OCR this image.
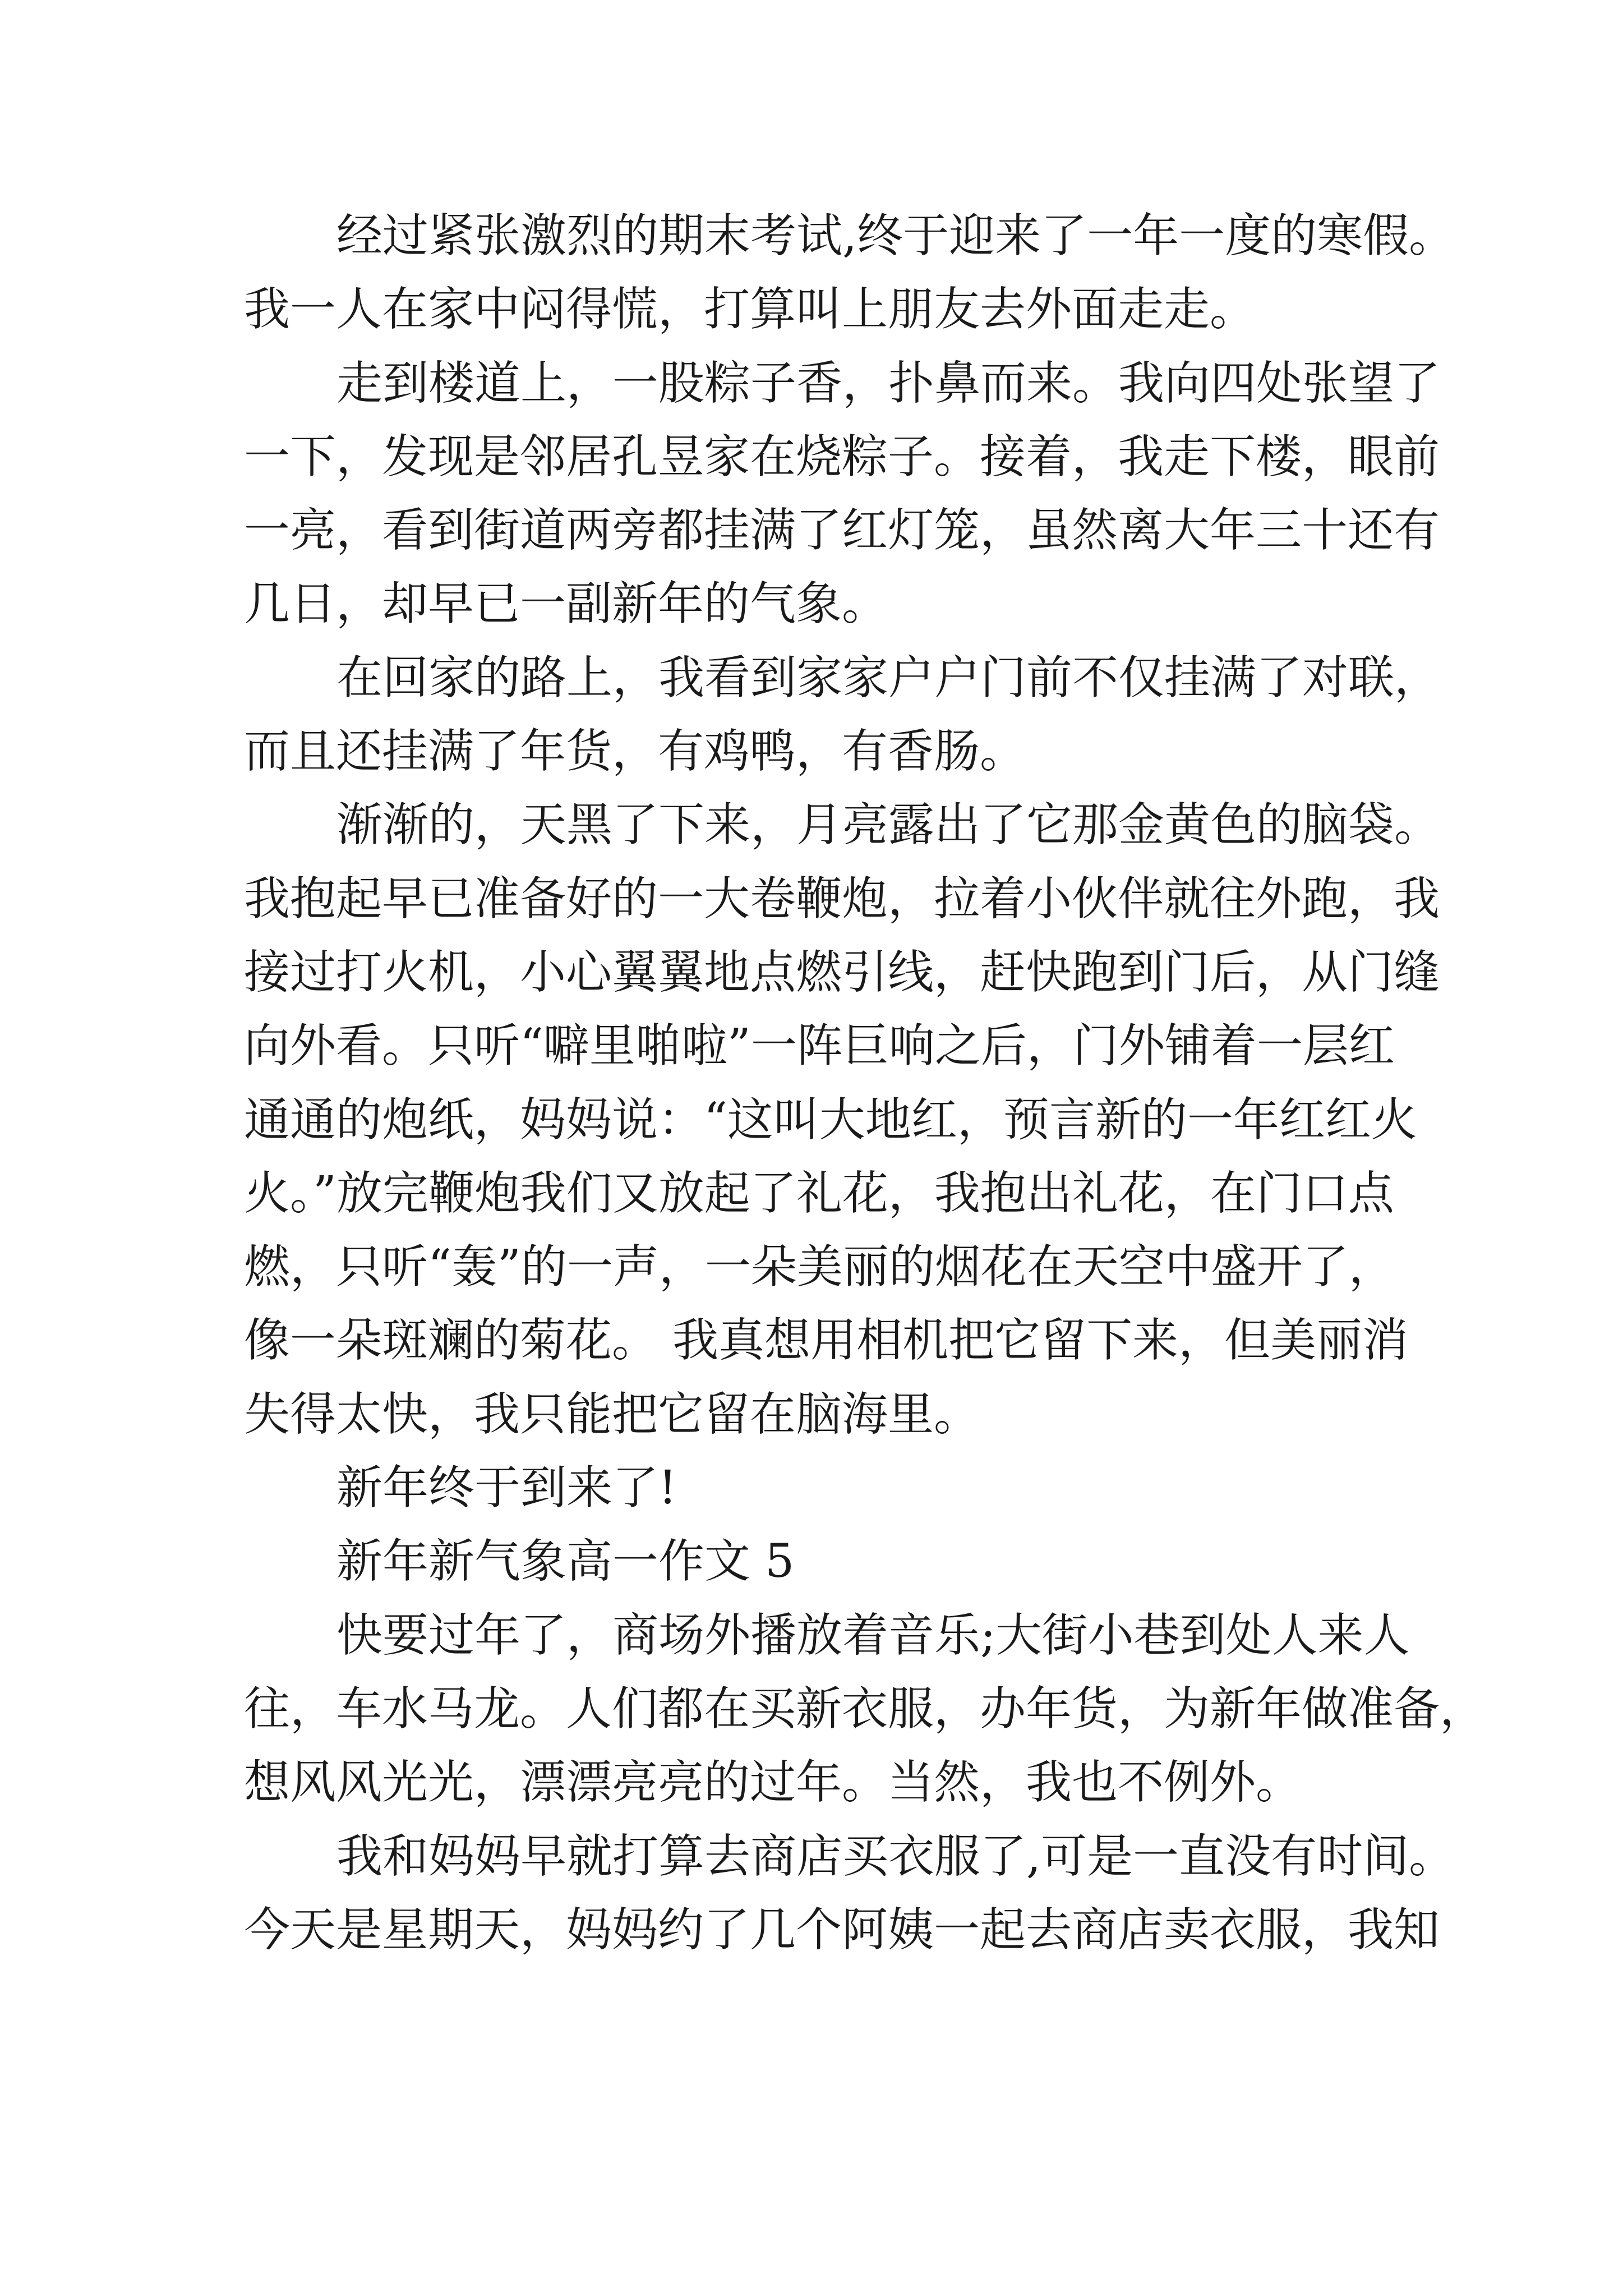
经过紧张激烈的期末考试,终于迎来了一年一度的寒假。
我一人在家中闷得慌，打算叫上朋友去外面走走。
走到楼道上，一股粽子香，扑鼻而来。我向四处张望了
一下，发现是邻居孔昱家在烧粽子。接着，我走下楼，眼前
一亮，看到街道两旁都挂满了红灯笼，虽然离大年三十还有
几日，却早已一副新年的气象。
在回家的路上，我看到家家户户门前不仅挂满了对联，
而且还挂满了年货，有鸡鸭，有香肠。
渐渐的，天黑了下来，月亮露出了它那金黄色的脑袋。
我抱起早已准备好的一大卷鞭炮，拉着小伙伴就往外跑，我
接过打火机，小心翼翼地点燃引线，赶快跑到门后，从门缝
向外看。只听“噼里啪啦”一阵巨响之后，门外铺着一层红
通通的炮纸，妈妈说：“这叫大地红，预言新的一年红红火
火。”放完鞭炮我们又放起了礼花，我抱出礼花，在门口点
燃，只听“轰”的一声，一朵美丽的烟花在天空中盛开了，
像一朵斑斓的菊花。 我真想用相机把它留下来，但美丽消
失得太快，我只能把它留在脑海里。
新年终于到来了!
新年新气象高一作文 5
快要过年了，商场外播放着音乐;大街小巷到处人来人
往，车水马龙。人们都在买新衣服，办年货，为新年做准备，
想风风光光，漂漂亮亮的过年。当然，我也不例外。
我和妈妈早就打算去商店买衣服了,可是一直没有时间。
今天是星期天，妈妈约了几个阿姨一起去商店卖衣服，我知
